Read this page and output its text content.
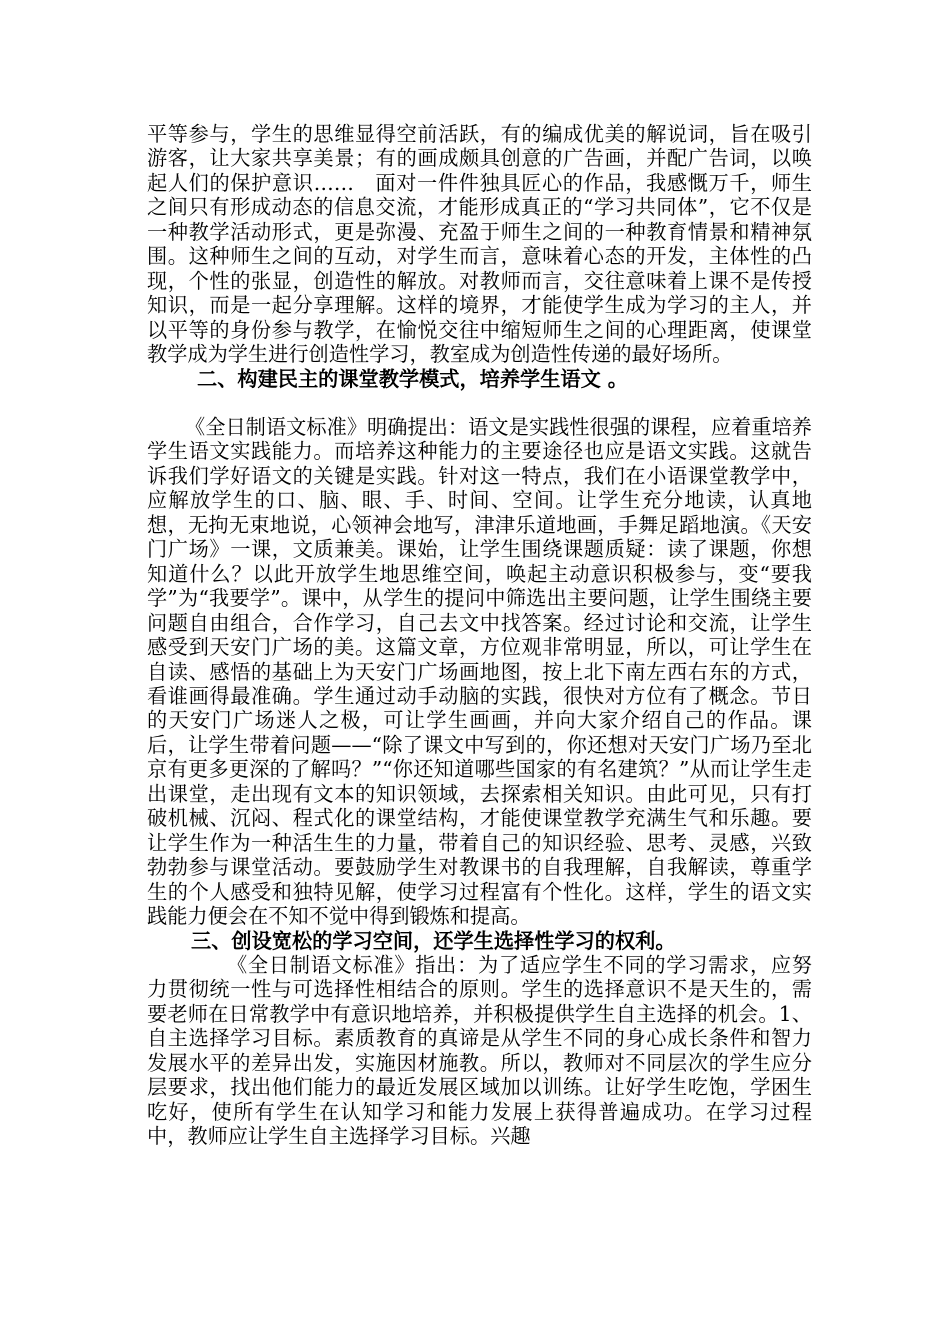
平等参与，学生的思维显得空前活跃，有的编成优美的解说词，旨在吸引游客，让大家共享美景；有的画成颇具创意的广告画，并配广告词，以唤起人们的保护意识……　面对一件件独具匠心的作品，我感慨万千，师生之间只有形成动态的信息交流，才能形成真正的“学习共同体”，它不仅是一种教学活动形式，更是弥漫、充盈于师生之间的一种教育情景和精神氛围。这种师生之间的互动，对学生而言，意味着心态的开发，主体性的凸现，个性的张显，创造性的解放。对教师而言，交往意味着上课不是传授知识，而是一起分享理解。这样的境界，才能使学生成为学习的主人，并以平等的身份参与教学，在愉悦交往中缩短师生之间的心理距离，使课堂教学成为学生进行创造性学习，教室成为创造性传递的最好场所。

二、构建民主的课堂教学模式，培养学生语文 。

《全日制语文标准》明确提出：语文是实践性很强的课程，应着重培养学生语文实践能力。而培养这种能力的主要途径也应是语文实践。这就告诉我们学好语文的关键是实践。针对这一特点，我们在小语课堂教学中，应解放学生的口、脑、眼、手、时间、空间。让学生充分地读，认真地想，无拘无束地说，心领神会地写，津津乐道地画，手舞足蹈地演。《天安门广场》一课，文质兼美。课始，让学生围绕课题质疑：读了课题，你想知道什么？以此开放学生地思维空间，唤起主动意识积极参与，变“要我学”为“我要学”。课中，从学生的提问中筛选出主要问题，让学生围绕主要问题自由组合，合作学习，自己去文中找答案。经过讨论和交流，让学生感受到天安门广场的美。这篇文章，方位观非常明显，所以，可让学生在自读、感悟的基础上为天安门广场画地图，按上北下南左西右东的方式，看谁画得最准确。学生通过动手动脑的实践，很快对方位有了概念。节日的天安门广场迷人之极，可让学生画画，并向大家介绍自己的作品。课后，让学生带着问题——“除了课文中写到的，你还想对天安门广场乃至北京有更多更深的了解吗？”“你还知道哪些国家的有名建筑？”从而让学生走出课堂，走出现有文本的知识领域，去探索相关知识。由此可见，只有打破机械、沉闷、程式化的课堂结构，才能使课堂教学充满生气和乐趣。要让学生作为一种活生生的力量，带着自己的知识经验、思考、灵感，兴致勃勃参与课堂活动。要鼓励学生对教课书的自我理解，自我解读，尊重学生的个人感受和独特见解，使学习过程富有个性化。这样，学生的语文实践能力便会在不知不觉中得到锻炼和提高。

三、创设宽松的学习空间，还学生选择性学习的权利。

《全日制语文标准》指出：为了适应学生不同的学习需求，应努力贯彻统一性与可选择性相结合的原则。学生的选择意识不是天生的，需要老师在日常教学中有意识地培养，并积极提供学生自主选择的机会。1、自主选择学习目标。素质教育的真谛是从学生不同的身心成长条件和智力发展水平的差异出发，实施因材施教。所以，教师对不同层次的学生应分层要求，找出他们能力的最近发展区域加以训练。让好学生吃饱，学困生吃好，使所有学生在认知学习和能力发展上获得普遍成功。在学习过程中，教师应让学生自主选择学习目标。兴趣
